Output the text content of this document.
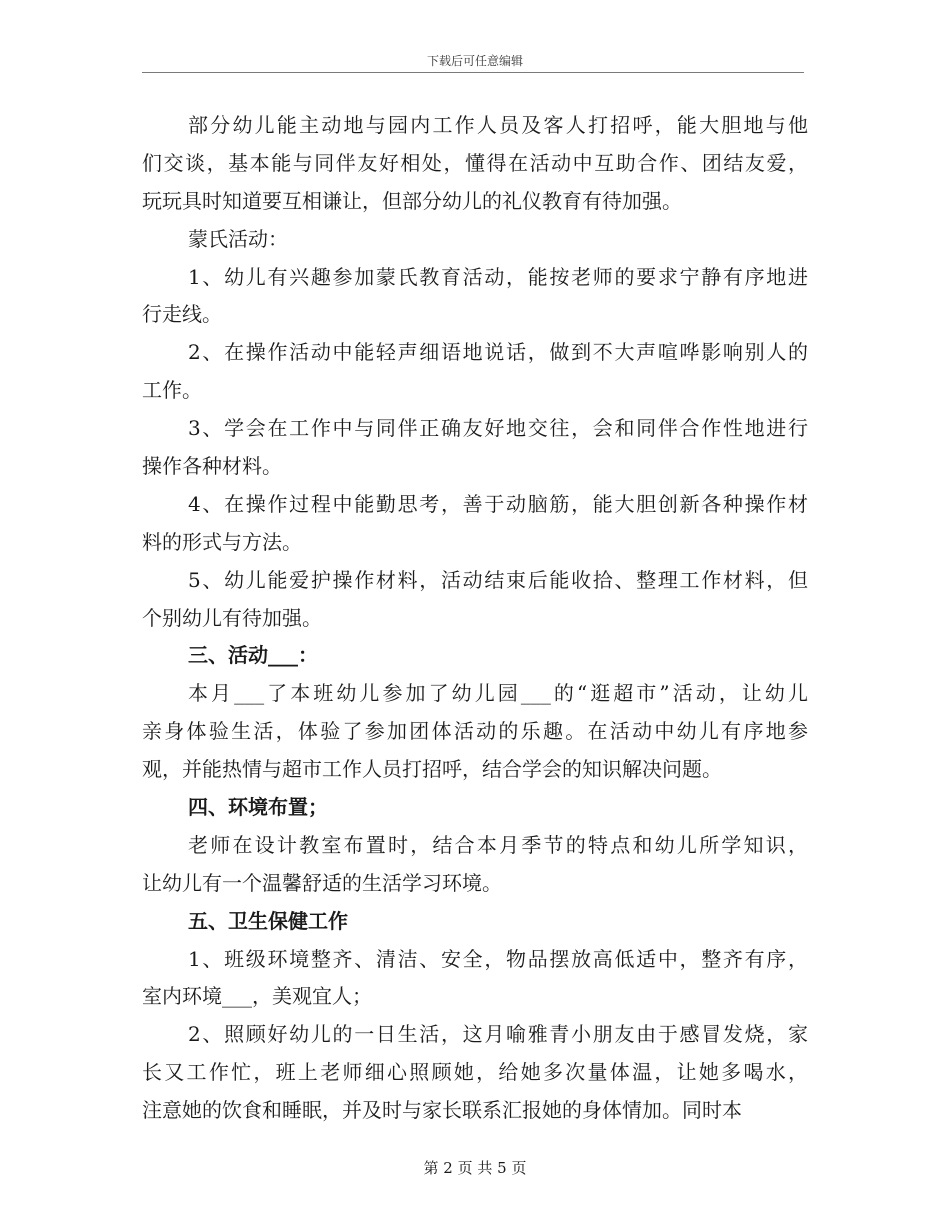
下载后可任意编辑
部分幼儿能主动地与园内工作人员及客人打招呼，能大胆地与他
们交谈，基本能与同伴友好相处，懂得在活动中互助合作、团结友爱，
玩玩具时知道要互相谦让，但部分幼儿的礼仪教育有待加强。
蒙氏活动：
1、幼儿有兴趣参加蒙氏教育活动，能按老师的要求宁静有序地进
行走线。
2、在操作活动中能轻声细语地说话，做到不大声喧哗影响别人的
工作。
3、学会在工作中与同伴正确友好地交往，会和同伴合作性地进行
操作各种材料。
4、在操作过程中能勤思考，善于动脑筋，能大胆创新各种操作材
料的形式与方法。
5、幼儿能爱护操作材料，活动结束后能收拾、整理工作材料，但
个别幼儿有待加强。
三、活动___：
本月___了本班幼儿参加了幼儿园___的“逛超市”活动，让幼儿
亲身体验生活，体验了参加团体活动的乐趣。在活动中幼儿有序地参
观，并能热情与超市工作人员打招呼，结合学会的知识解决问题。
四、环境布置；
老师在设计教室布置时，结合本月季节的特点和幼儿所学知识，
让幼儿有一个温馨舒适的生活学习环境。
五、卫生保健工作
1、班级环境整齐、清洁、安全，物品摆放高低适中，整齐有序，
室内环境___，美观宜人；
2、照顾好幼儿的一日生活，这月喻雅青小朋友由于感冒发烧，家
长又工作忙，班上老师细心照顾她，给她多次量体温，让她多喝水，
注意她的饮食和睡眠，并及时与家长联系汇报她的身体情加。同时本
第 2 页 共 5 页
